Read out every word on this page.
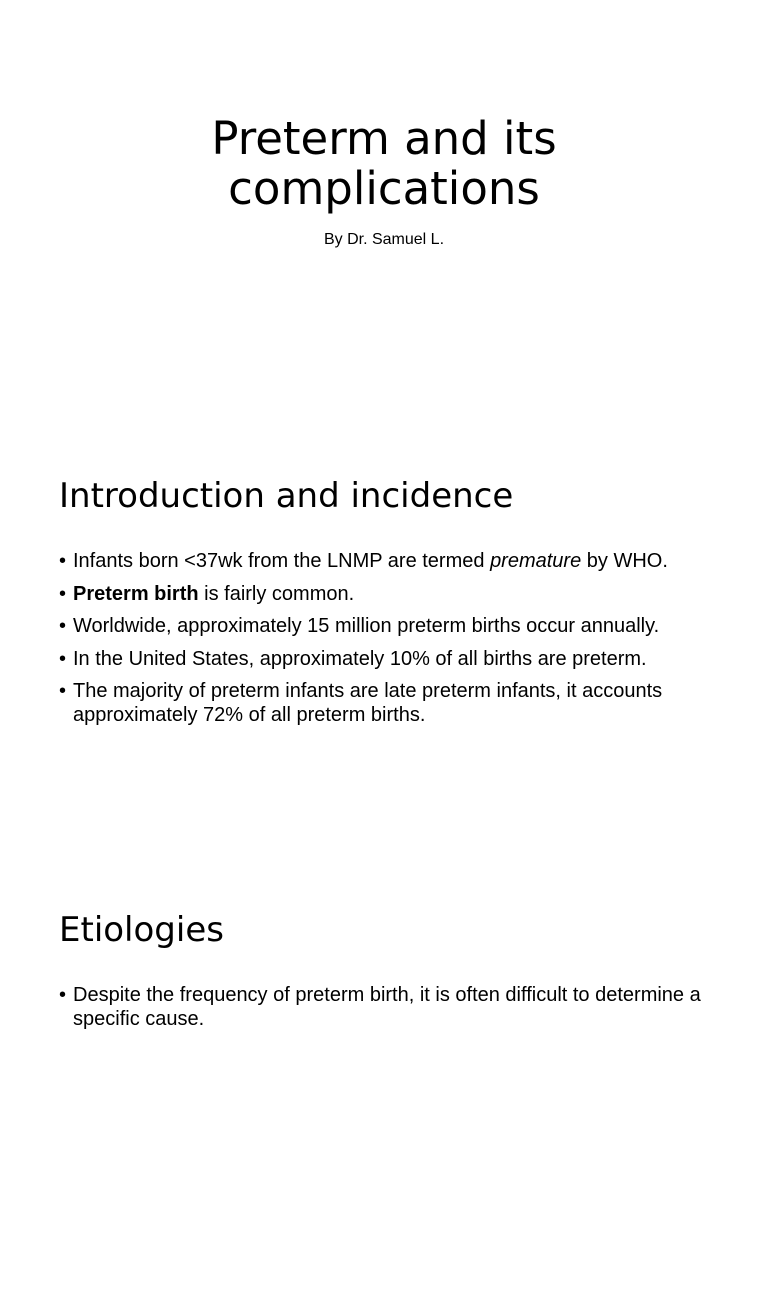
Preterm and its
complications

By Dr. Samuel L.

Introduction and incidence
• Infants born <37wk from the LNMP are termed premature by WHO.
• Preterm birth is fairly common.
• Worldwide, approximately 15 million preterm births occur annually.
• In the United States, approximately 10% of all births are preterm.
• The majority of preterm infants are late preterm infants, it accounts approximately 72% of all preterm births.
Etiologies
• Despite the frequency of preterm birth, it is often difficult to determine a specific cause.
